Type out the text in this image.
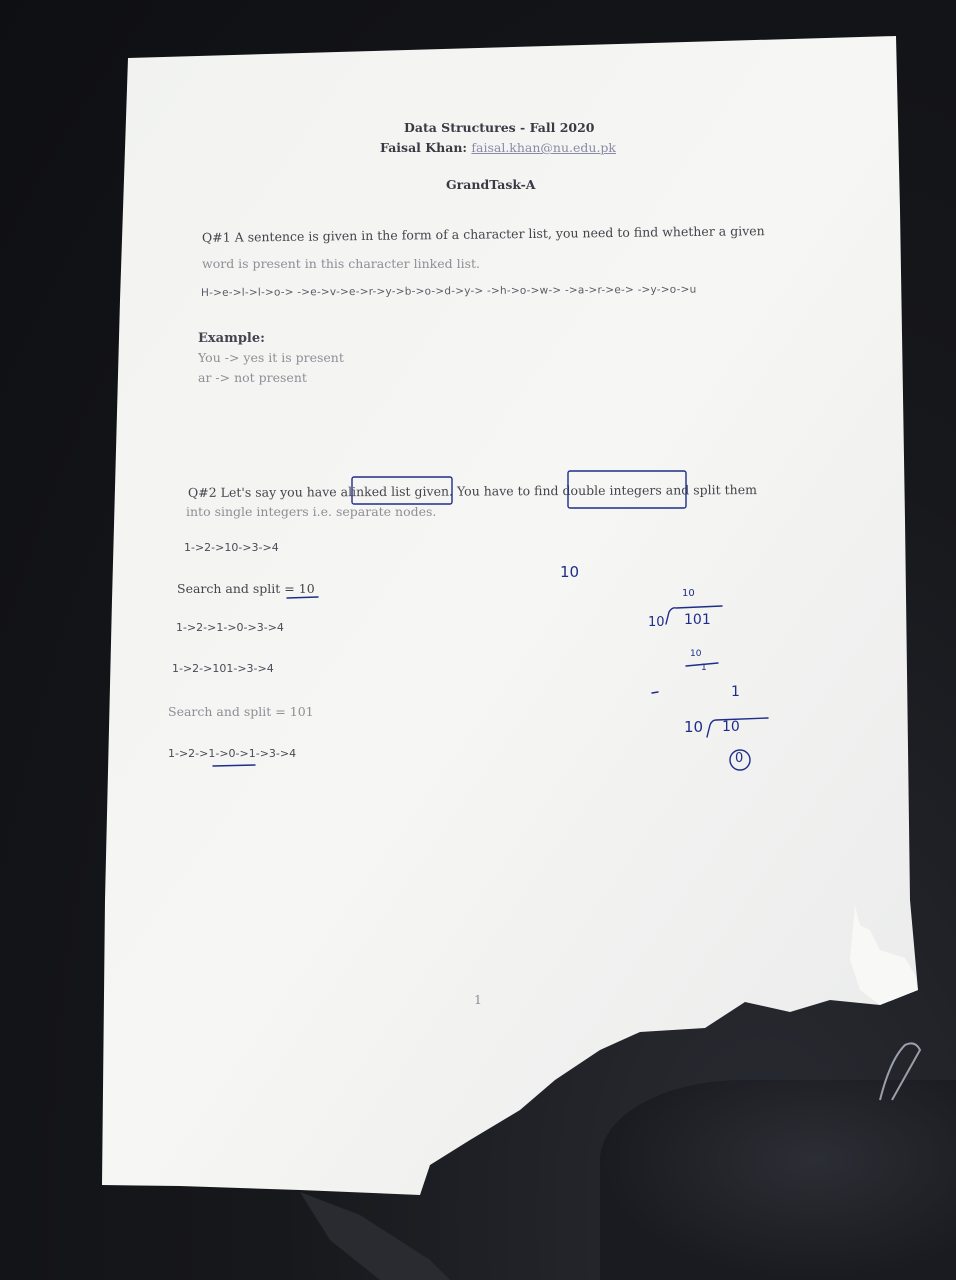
Data Structures - Fall 2020
Faisal Khan: faisal.khan@nu.edu.pk
GrandTask-A
Q#1 A sentence is given in the form of a character list, you need to find whether a given
word is present in this character linked list.
H->e->l->l->o-> ->e->v->e->r->y->b->o->d->y-> ->h->o->w-> ->a->r->e-> ->y->o->u
Example:
You -> yes it is present
ar -> not present
Q#2 Let's say you have alinked list given. You have to find double integers and split them
into single integers i.e. separate nodes.
1->2->10->3->4
Search and split = 10
1->2->1->0->3->4
1->2->101->3->4
Search and split = 101
1->2->1->0->1->3->4
1
10
10
10 101
10
1
1
10 10
0
